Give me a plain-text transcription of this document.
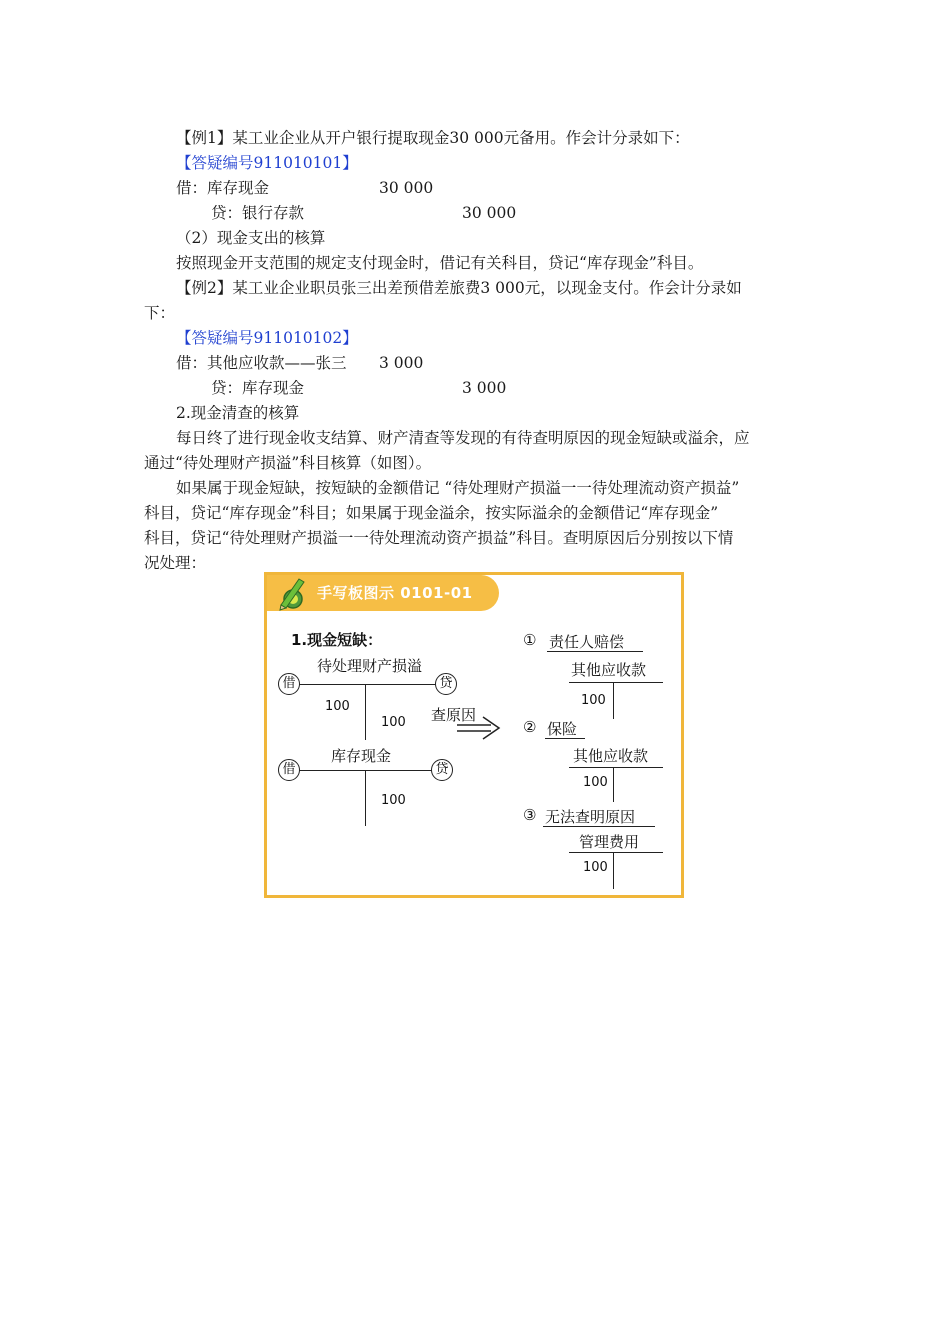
【例1】某工业企业从开户银行提取现金30 000元备用。作会计分录如下：
【答疑编号911010101】
借：库存现金	30 000
贷：银行存款	30 000
（2）现金支出的核算
按照现金开支范围的规定支付现金时，借记有关科目，贷记“库存现金”科目。
【例2】某工业企业职员张三出差预借差旅费3 000元，以现金支付。作会计分录如
下：
【答疑编号911010102】
借：其他应收款——张三 3 000
贷：库存现金	3 000
2.现金清查的核算
每日终了进行现金收支结算、财产清查等发现的有待查明原因的现金短缺或溢余，应
通过“待处理财产损溢”科目核算（如图）。
如果属于现金短缺，按短缺的金额借记 “待处理财产损溢一一待处理流动资产损益”
科目，贷记“库存现金”科目；如果属于现金溢余，按实际溢余的金额借记“库存现金”
科目，贷记“待处理财产损溢一一待处理流动资产损益”科目。查明原因后分别按以下情
况处理：
手写板图示 0101-01
1.现金短缺：
待处理财产损溢
借	贷
100
100 查原因
库存现金
借	贷
100
① 责任人赔偿
其他应收款
100
② 保险
其他应收款
100
③ 无法查明原因
管理费用
100
